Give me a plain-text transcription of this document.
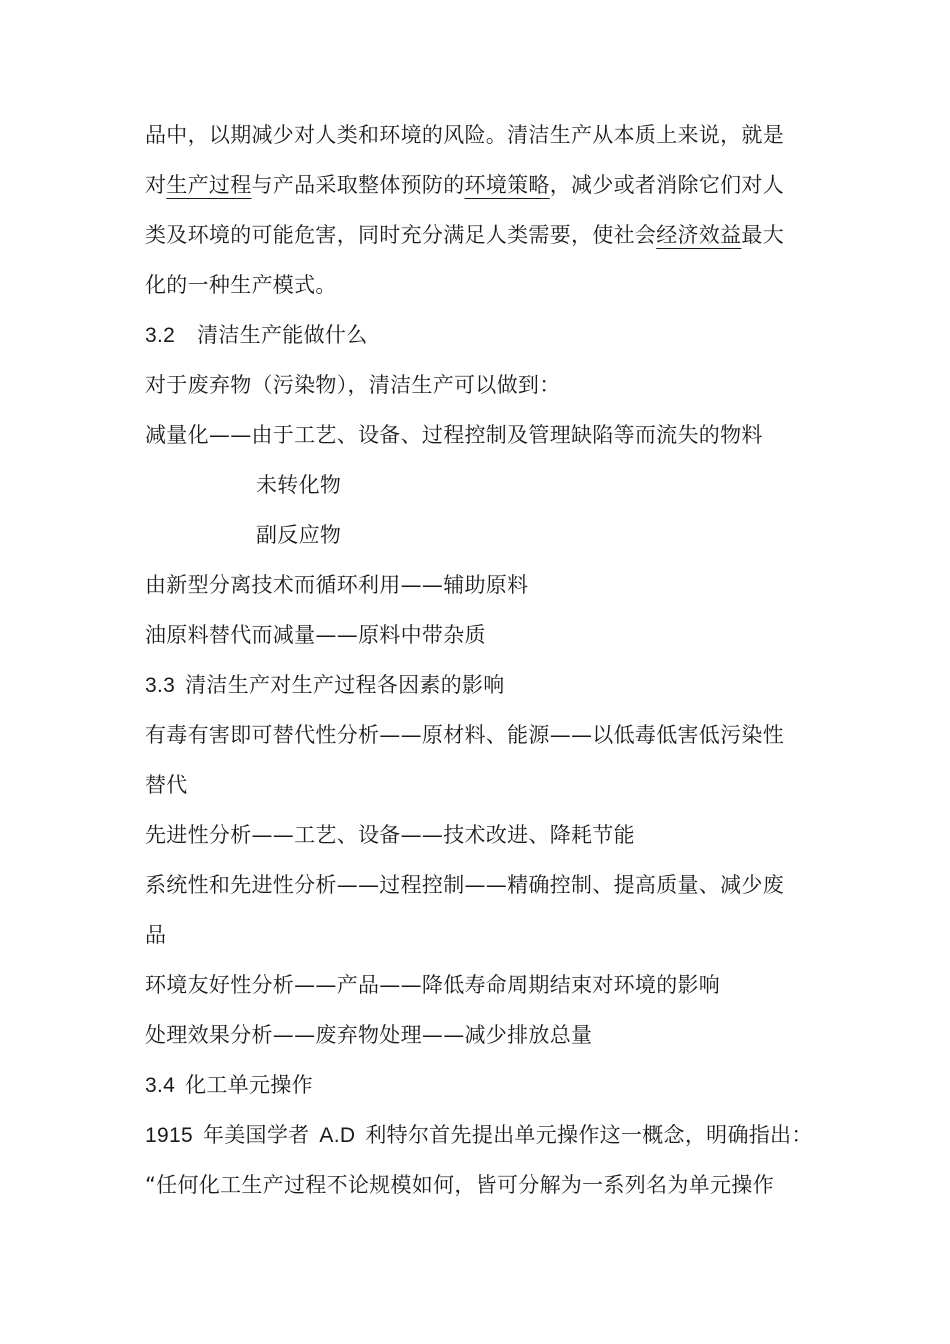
品中，以期减少对人类和环境的风险。清洁生产从本质上来说，就是
对生产过程与产品采取整体预防的环境策略，减少或者消除它们对人
类及环境的可能危害，同时充分满足人类需要，使社会经济效益最大
化的一种生产模式。
3.2 清洁生产能做什么
对于废弃物（污染物），清洁生产可以做到：
减量化——由于工艺、设备、过程控制及管理缺陷等而流失的物料
未转化物
副反应物
由新型分离技术而循环利用——辅助原料
油原料替代而减量——原料中带杂质
3.3 清洁生产对生产过程各因素的影响
有毒有害即可替代性分析——原材料、能源——以低毒低害低污染性
替代
先进性分析——工艺、设备——技术改进、降耗节能
系统性和先进性分析——过程控制——精确控制、提高质量、减少废
品
环境友好性分析——产品——降低寿命周期结束对环境的影响
处理效果分析——废弃物处理——减少排放总量
3.4 化工单元操作
1915 年美国学者 A.D 利特尔首先提出单元操作这一概念，明确指出：
“任何化工生产过程不论规模如何，皆可分解为一系列名为单元操作
